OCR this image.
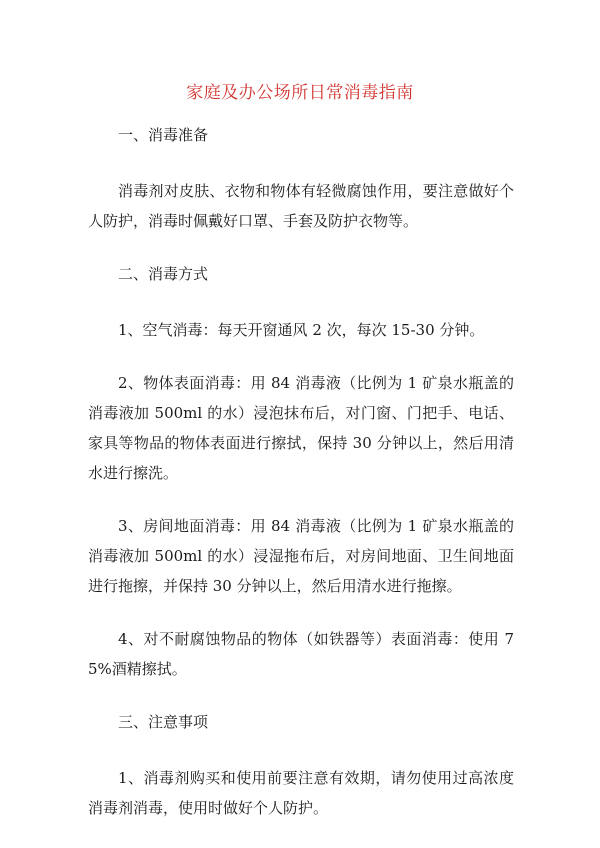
家庭及办公场所日常消毒指南

一、消毒准备

消毒剂对皮肤、衣物和物体有轻微腐蚀作用，要注意做好个人防护，消毒时佩戴好口罩、手套及防护衣物等。

二、消毒方式

1、空气消毒：每天开窗通风 2 次，每次 15-30 分钟。

2、物体表面消毒：用 84 消毒液（比例为 1 矿泉水瓶盖的消毒液加 500ml 的水）浸泡抹布后，对门窗、门把手、电话、家具等物品的物体表面进行擦拭，保持 30 分钟以上，然后用清水进行擦洗。

3、房间地面消毒：用 84 消毒液（比例为 1 矿泉水瓶盖的消毒液加 500ml 的水）浸湿拖布后，对房间地面、卫生间地面进行拖擦，并保持 30 分钟以上，然后用清水进行拖擦。

4、对不耐腐蚀物品的物体（如铁器等）表面消毒：使用 75%酒精擦拭。

三、注意事项

1、消毒剂购买和使用前要注意有效期，请勿使用过高浓度消毒剂消毒，使用时做好个人防护。
